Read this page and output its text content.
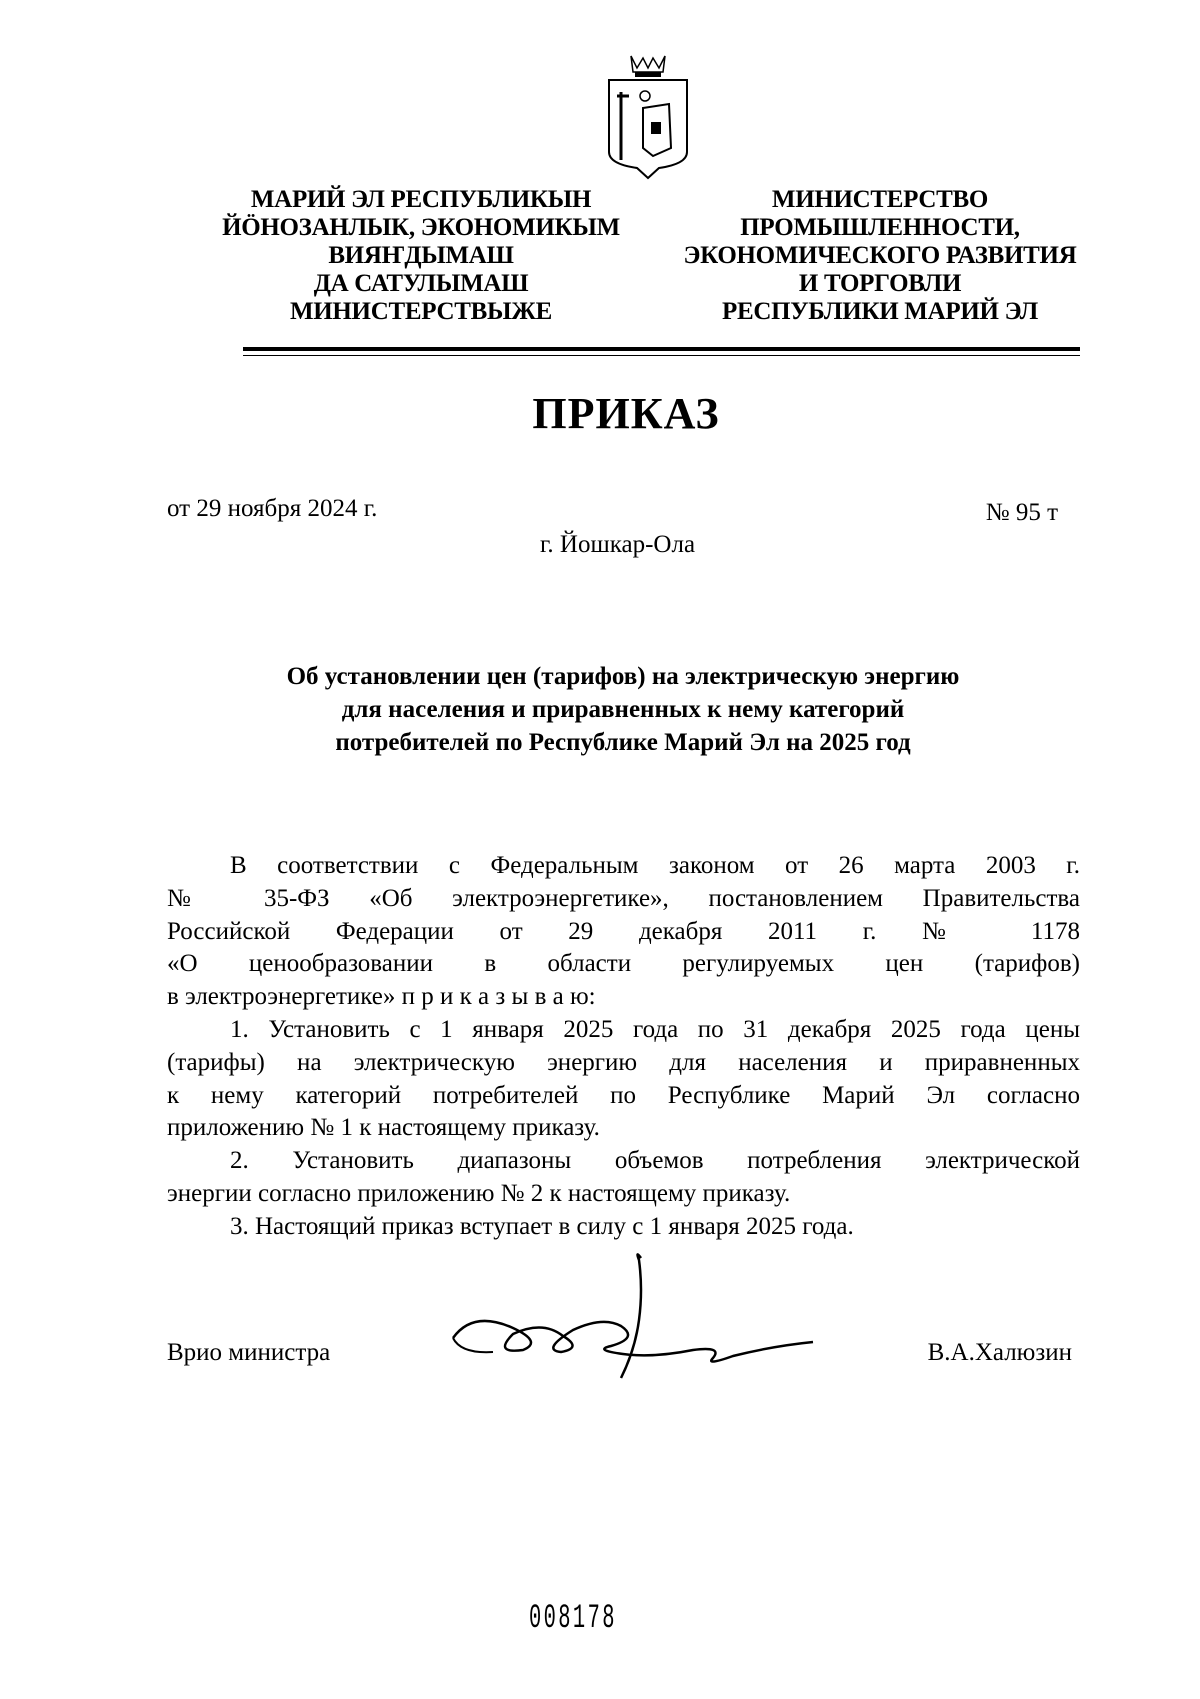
МАРИЙ ЭЛ РЕСПУБЛИКЫН
ЙÖНОЗАНЛЫК, ЭКОНОМИКЫМ
ВИЯҤДЫМАШ
ДА САТУЛЫМАШ
МИНИСТЕРСТВЫЖЕ
МИНИСТЕРСТВО
ПРОМЫШЛЕННОСТИ,
ЭКОНОМИЧЕСКОГО РАЗВИТИЯ
И ТОРГОВЛИ
РЕСПУБЛИКИ МАРИЙ ЭЛ
ПРИКАЗ
от 29 ноября 2024 г.	№ 95 т
г. Йошкар-Ола
Об установлении цен (тарифов) на электрическую энергию
для населения и приравненных к нему категорий
потребителей по Республике Марий Эл на 2025 год
В соответствии с Федеральным законом от 26 марта 2003 г.
№ 35-ФЗ «Об электроэнергетике», постановлением Правительства
Российской Федерации от 29 декабря 2011 г. № 1178
«О ценообразовании в области регулируемых цен (тарифов)
в электроэнергетике» п р и к а з ы в а ю:
1. Установить с 1 января 2025 года по 31 декабря 2025 года цены
(тарифы) на электрическую энергию для населения и приравненных
к нему категорий потребителей по Республике Марий Эл согласно
приложению № 1 к настоящему приказу.
2. Установить диапазоны объемов потребления электрической
энергии согласно приложению № 2 к настоящему приказу.
3. Настоящий приказ вступает в силу с 1 января 2025 года.
Врио министра	В.А.Халюзин
008178
